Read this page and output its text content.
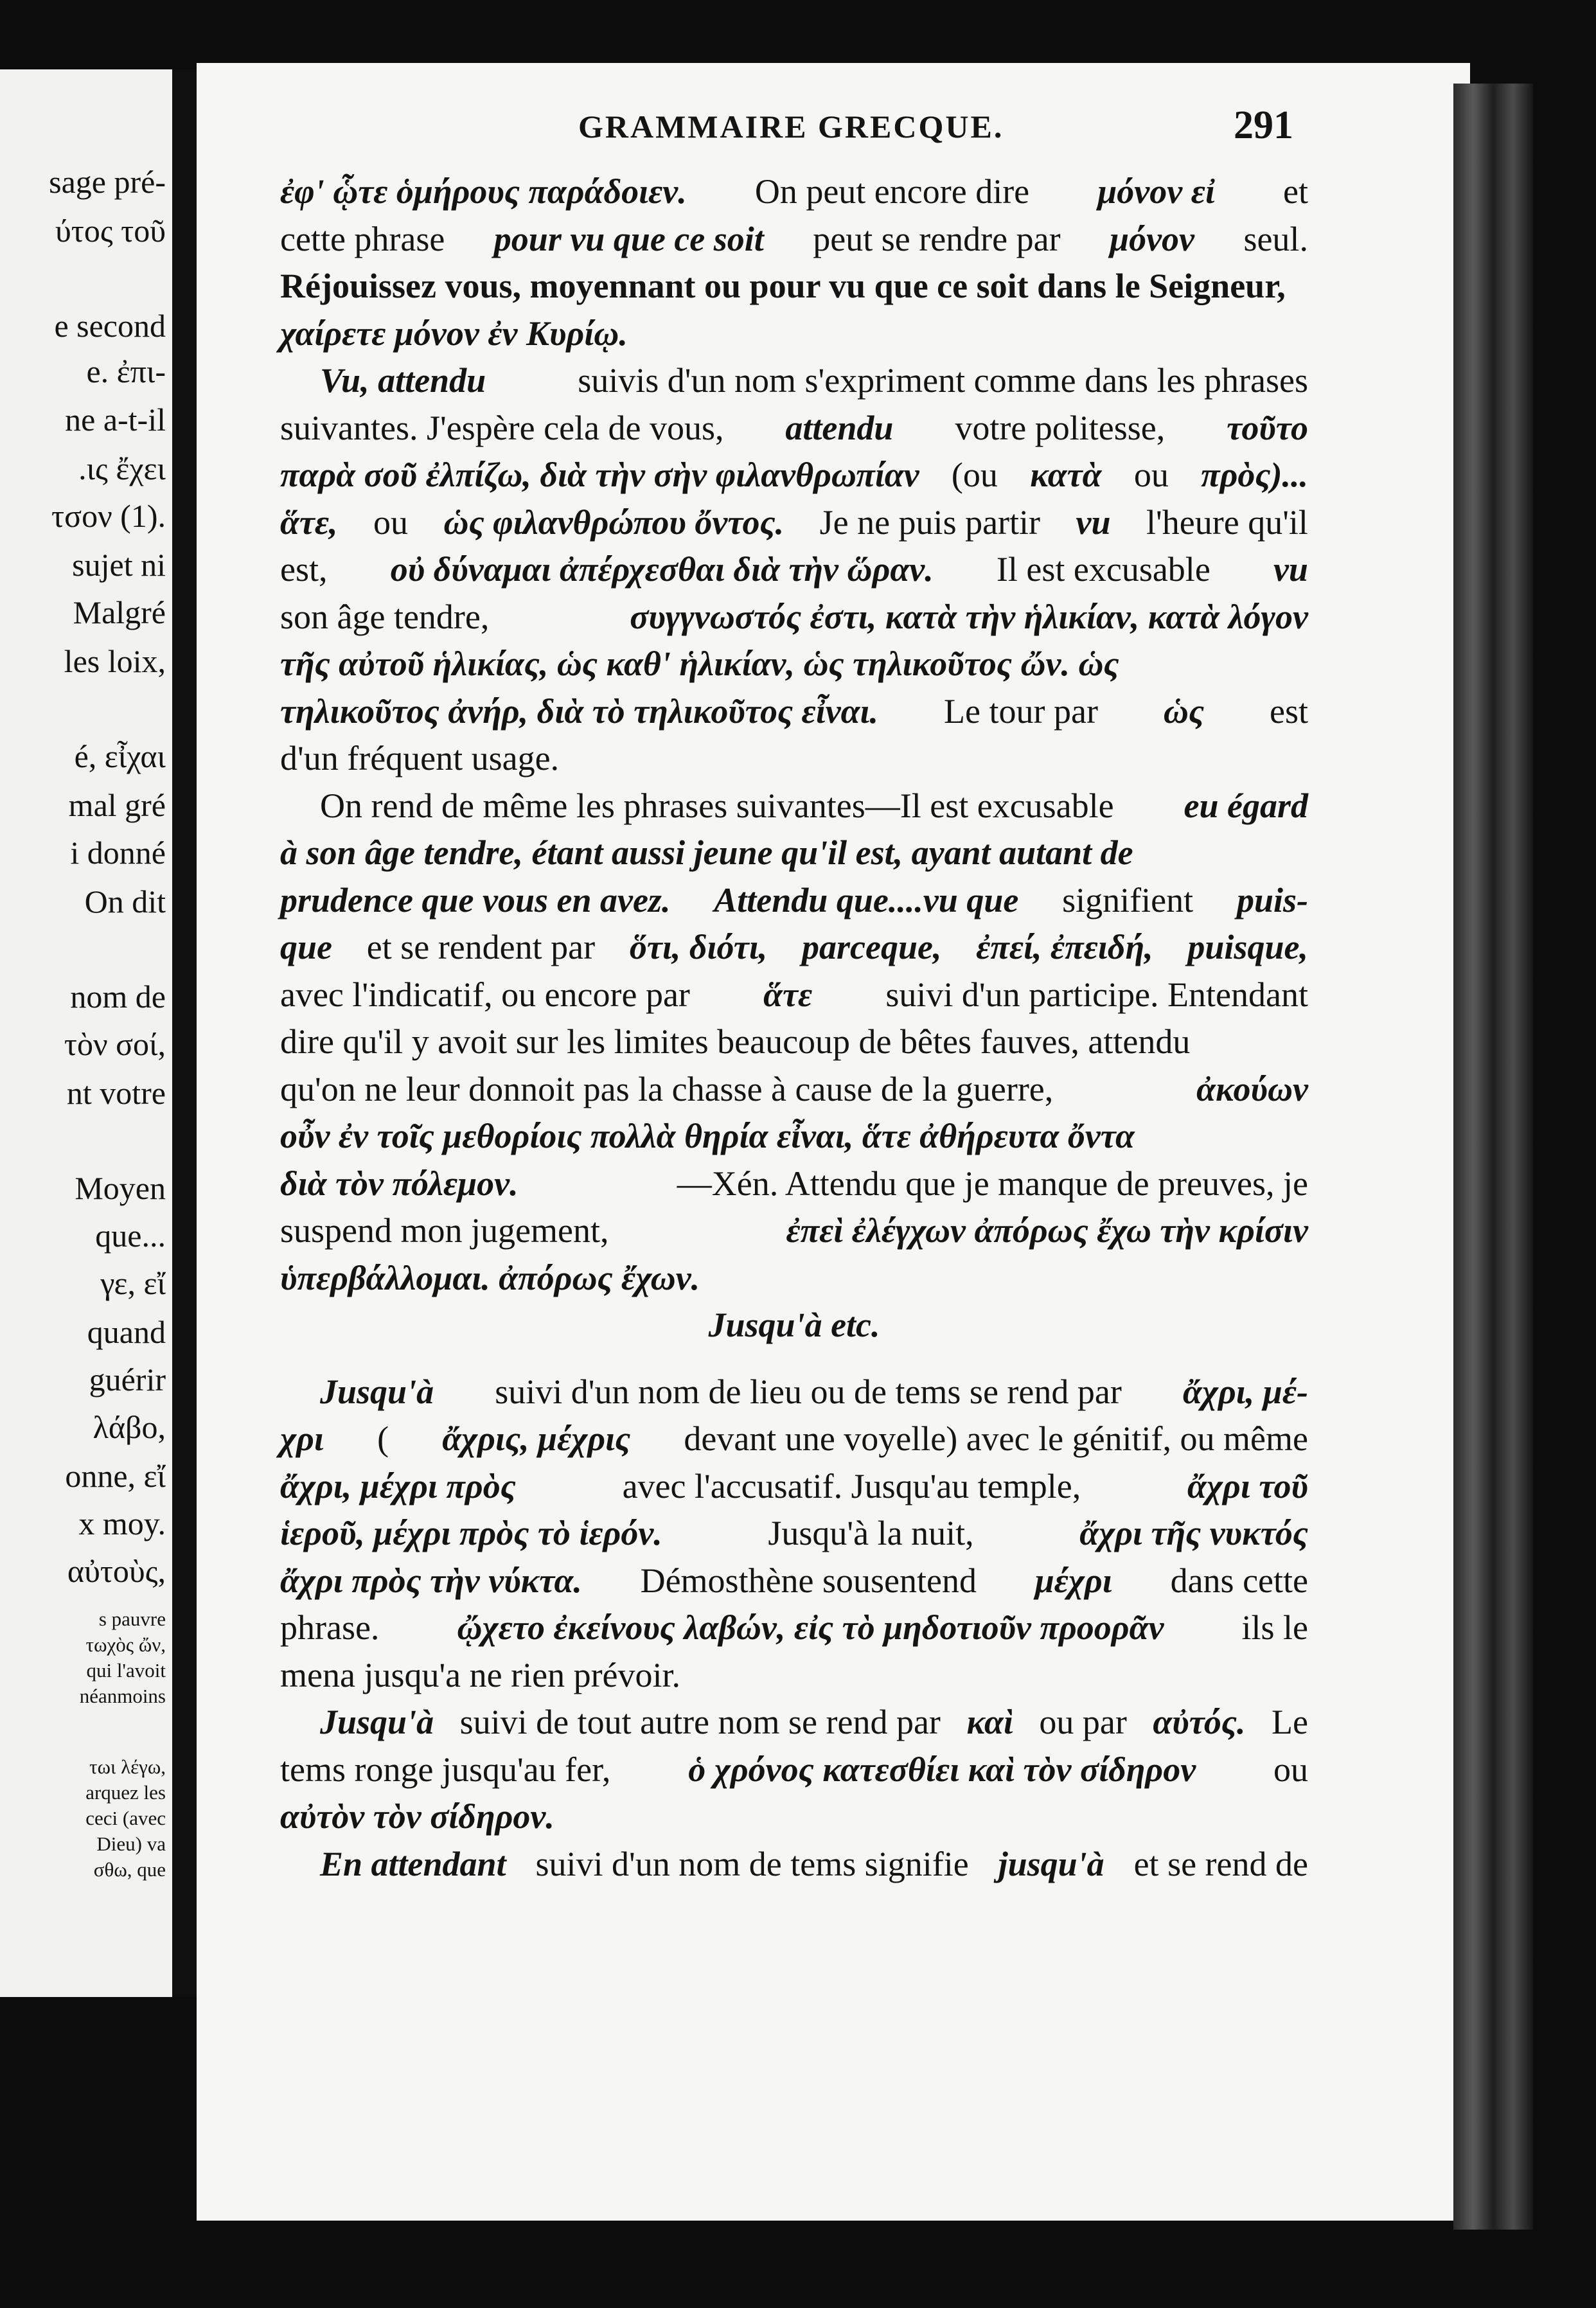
sage pré-
ύτος τοῦ
e second
e. ἐπι-
ne a-t-il
.ις ἔχει
τσον (1).
sujet ni
Malgré
les loix,
é, εἶχαι
mal gré
i donné
On dit
nom de
τὸν σοί,
nt votre
Moyen
que...
γε, εἴ
quand
guérir
λάβο,
onne, εἴ
x moy.
αὐτοὺς,
s pauvre
τωχὸς ὤν,
qui l'avoit
néanmoins
τωι λέγω,
arquez les
ceci (avec
Dieu) va
σθω, que
GRAMMAIRE GRECQUE.	291
ἐφ' ᾧτε ὁμήρους παράδοιεν. On peut encore dire μόνον εἰ et
cette phrase pour vu que ce soit peut se rendre par μόνον seul.
Réjouissez vous, moyennant ou pour vu que ce soit dans le Seigneur,
χαίρετε μόνον ἐν Κυρίῳ.
Vu, attendu	suivis d'un nom s'expriment comme dans les phrases
suivantes. J'espère cela de vous, attendu votre politesse, τοῦτο
παρὰ σοῦ ἐλπίζω, διὰ τὴν σὴν φιλανθρωπίαν (ou κατὰ ou πρὸς)...
ἅτε, ou ὡς φιλανθρώπου ὄντος. Je ne puis partir vu l'heure qu'il
est, οὐ δύναμαι ἀπέρχεσθαι διὰ τὴν ὥραν. Il est excusable vu
son âge tendre,	συγγνωστός ἐστι, κατὰ τὴν ἡλικίαν, κατὰ λόγον
τῆς αὐτοῦ ἡλικίας, ὡς καθ' ἡλικίαν, ὡς τηλικοῦτος ὤν. ὡς
τηλικοῦτος ἀνήρ, διὰ τὸ τηλικοῦτος εἶναι. Le tour par ὡς est
d'un fréquent usage.
On rend de même les phrases suivantes—Il est excusable eu égard
à son âge tendre, étant aussi jeune qu'il est, ayant autant de
prudence que vous en avez. Attendu que....vu que signifient puis-
que et se rendent par ὅτι, διότι, parceque, ἐπεί, ἐπειδή, puisque,
avec l'indicatif, ou encore par ἅτε suivi d'un participe. Entendant
dire qu'il y avoit sur les limites beaucoup de bêtes fauves, attendu
qu'on ne leur donnoit pas la chasse à cause de la guerre,	ἀκούων
οὖν ἐν τοῖς μεθορίοις πολλὰ θηρία εἶναι, ἅτε ἀθήρευτα ὄντα
διὰ τὸν πόλεμον.	—Xén. Attendu que je manque de preuves, je
suspend mon jugement,	ἐπεὶ ἐλέγχων ἀπόρως ἔχω τὴν κρίσιν
ὑπερβάλλομαι. ἀπόρως ἔχων.
Jusqu'à etc.
Jusqu'à suivi d'un nom de lieu ou de tems se rend par ἄχρι, μέ-
χρι ( ἄχρις, μέχρις devant une voyelle) avec le génitif, ou même
ἄχρι, μέχρι πρὸς	avec l'accusatif. Jusqu'au temple,	ἄχρι τοῦ
ἱεροῦ, μέχρι πρὸς τὸ ἱερόν.	Jusqu'à la nuit,	ἄχρι τῆς νυκτός
ἄχρι πρὸς τὴν νύκτα. Démosthène sousentend μέχρι dans cette
phrase. ᾤχετο ἐκείνους λαβών, εἰς τὸ μηδοτιοῦν προορᾶν ils le
mena jusqu'a ne rien prévoir.
Jusqu'à suivi de tout autre nom se rend par καὶ ou par αὐτός. Le
tems ronge jusqu'au fer, ὁ χρόνος κατεσθίει καὶ τὸν σίδηρον ou
αὐτὸν τὸν σίδηρον.
En attendant suivi d'un nom de tems signifie jusqu'à et se rend de
